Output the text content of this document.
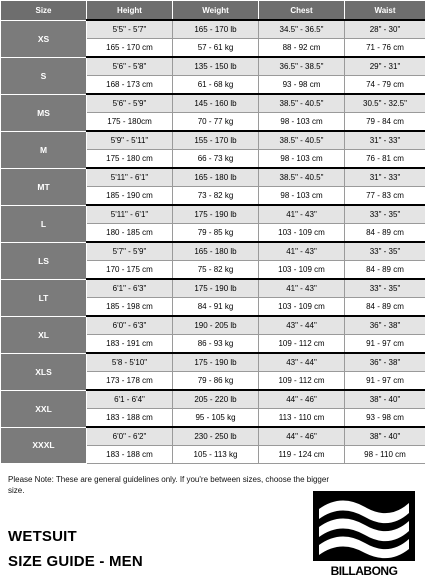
Size	Height	Weight	Chest	Waist
XS	5'5" - 5'7"	165 - 170 lb	34.5" - 36.5"	28" - 30"
	165 - 170 cm	57 - 61 kg	88 - 92 cm	71 - 76 cm
S	5'6" - 5'8"	135 - 150 lb	36.5" - 38.5"	29" - 31"
	168 - 173 cm	61 - 68 kg	93 - 98 cm	74 - 79 cm
MS	5'6" - 5'9"	145 - 160 lb	38.5" - 40.5"	30.5" - 32.5"
	175 - 180cm	70 - 77 kg	98 - 103 cm	79 - 84 cm
M	5'9" - 5'11"	155 - 170 lb	38.5" - 40.5"	31" - 33"
	175 - 180 cm	66 - 73 kg	98 - 103 cm	76 - 81 cm
MT	5'11" - 6'1"	165 - 180 lb	38.5" - 40.5"	31" - 33"
	185 - 190 cm	73 - 82 kg	98 - 103 cm	77 - 83 cm
L	5'11" - 6'1"	175 - 190 lb	41" - 43"	33" - 35"
	180 - 185 cm	79 - 85 kg	103 - 109 cm	84 - 89 cm
LS	5'7" - 5'9"	165 - 180 lb	41" - 43"	33" - 35"
	170 - 175 cm	75 - 82 kg	103 - 109 cm	84 - 89 cm
LT	6'1" - 6'3"	175 - 190 lb	41" - 43"	33" - 35"
	185 - 198 cm	84 - 91 kg	103 - 109 cm	84 - 89 cm
XL	6'0" - 6'3"	190 - 205 lb	43" - 44"	36" - 38"
	183 - 191 cm	86 - 93 kg	109 - 112 cm	91 - 97 cm
XLS	5'8 - 5'10"	175 - 190 lb	43" - 44"	36" - 38"
	173 - 178 cm	79 - 86 kg	109 - 112 cm	91 - 97 cm
XXL	6'1 - 6'4"	205 - 220 lb	44" - 46"	38" - 40"
	183 - 188 cm	95 - 105 kg	113 - 110 cm	93 - 98 cm
XXXL	6'0" - 6'2"	230 - 250 lb	44" - 46"	38" - 40"
	183 - 188 cm	105 - 113 kg	119 - 124 cm	98 - 110 cm
Please Note: These are general guidelines only. If you're between sizes, choose the bigger size.
WETSUIT
SIZE GUIDE - MEN
BILLABONG
